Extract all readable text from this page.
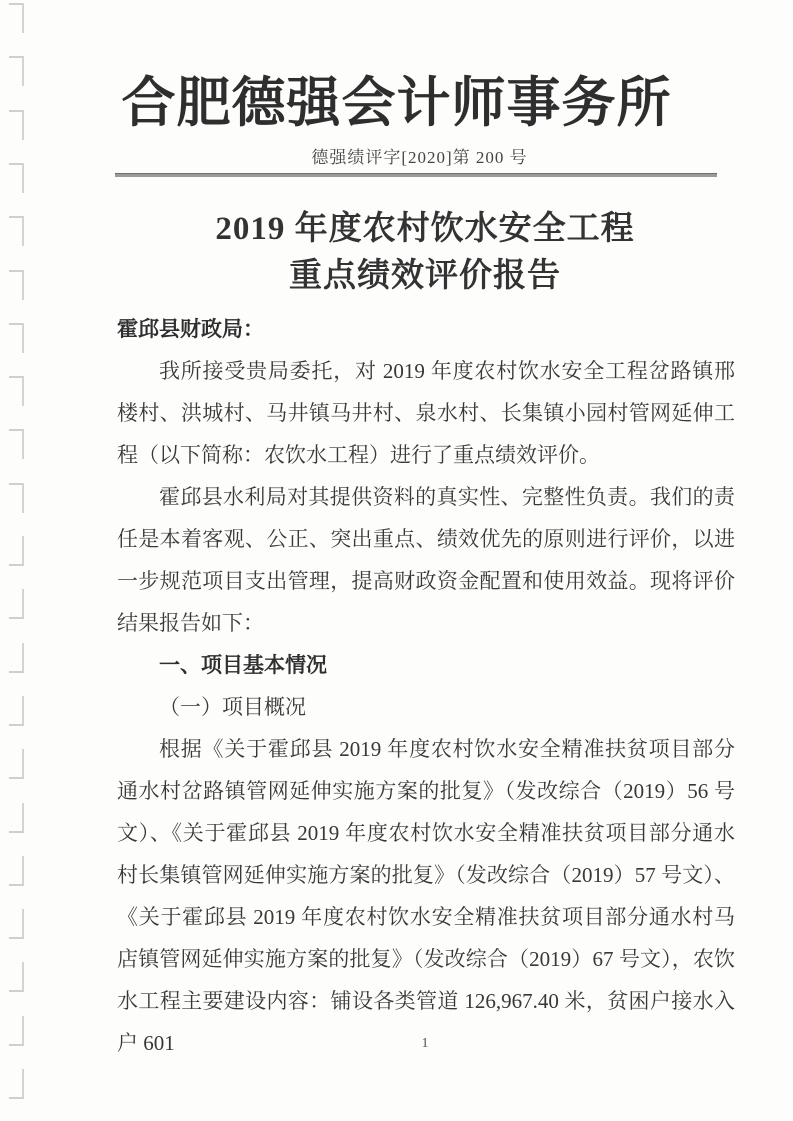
合肥德强会计师事务所
德强绩评字[2020]第 200 号
2019 年度农村饮水安全工程
重点绩效评价报告

霍邱县财政局：

我所接受贵局委托，对 2019 年度农村饮水安全工程岔路镇邢楼村、洪城村、马井镇马井村、泉水村、长集镇小园村管网延伸工程（以下简称：农饮水工程）进行了重点绩效评价。

霍邱县水利局对其提供资料的真实性、完整性负责。我们的责任是本着客观、公正、突出重点、绩效优先的原则进行评价，以进一步规范项目支出管理，提高财政资金配置和使用效益。现将评价结果报告如下：

一、项目基本情况

（一）项目概况

根据《关于霍邱县 2019 年度农村饮水安全精准扶贫项目部分通水村岔路镇管网延伸实施方案的批复》（发改综合（2019）56 号文）、《关于霍邱县 2019 年度农村饮水安全精准扶贫项目部分通水村长集镇管网延伸实施方案的批复》（发改综合（2019）57 号文）、《关于霍邱县 2019 年度农村饮水安全精准扶贫项目部分通水村马店镇管网延伸实施方案的批复》（发改综合（2019）67 号文），农饮水工程主要建设内容：铺设各类管道 126,967.40 米，贫困户接水入户 601	1
